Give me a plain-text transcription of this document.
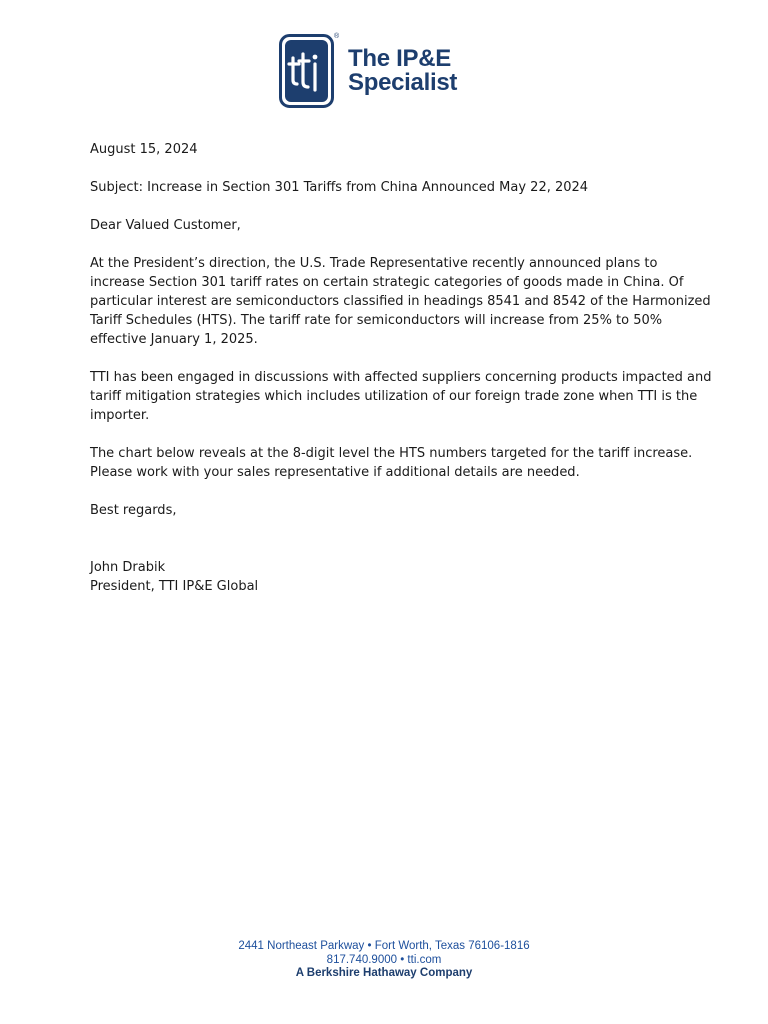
The IP&E
Specialist
®

August 15, 2024

Subject: Increase in Section 301 Tariffs from China Announced May 22, 2024

Dear Valued Customer,

At the President’s direction, the U.S. Trade Representative recently announced plans to
increase Section 301 tariff rates on certain strategic categories of goods made in China. Of
particular interest are semiconductors classified in headings 8541 and 8542 of the Harmonized
Tariff Schedules (HTS). The tariff rate for semiconductors will increase from 25% to 50%
effective January 1, 2025.
TTI has been engaged in discussions with affected suppliers concerning products impacted and
tariff mitigation strategies which includes utilization of our foreign trade zone when TTI is the
importer.
The chart below reveals at the 8-digit level the HTS numbers targeted for the tariff increase.
Please work with your sales representative if additional details are needed.

Best regards,

John Drabik

President, TTI IP&E Global

2441 Northeast Parkway • Fort Worth, Texas 76106-1816
817.740.9000 • tti.com
A Berkshire Hathaway Company
